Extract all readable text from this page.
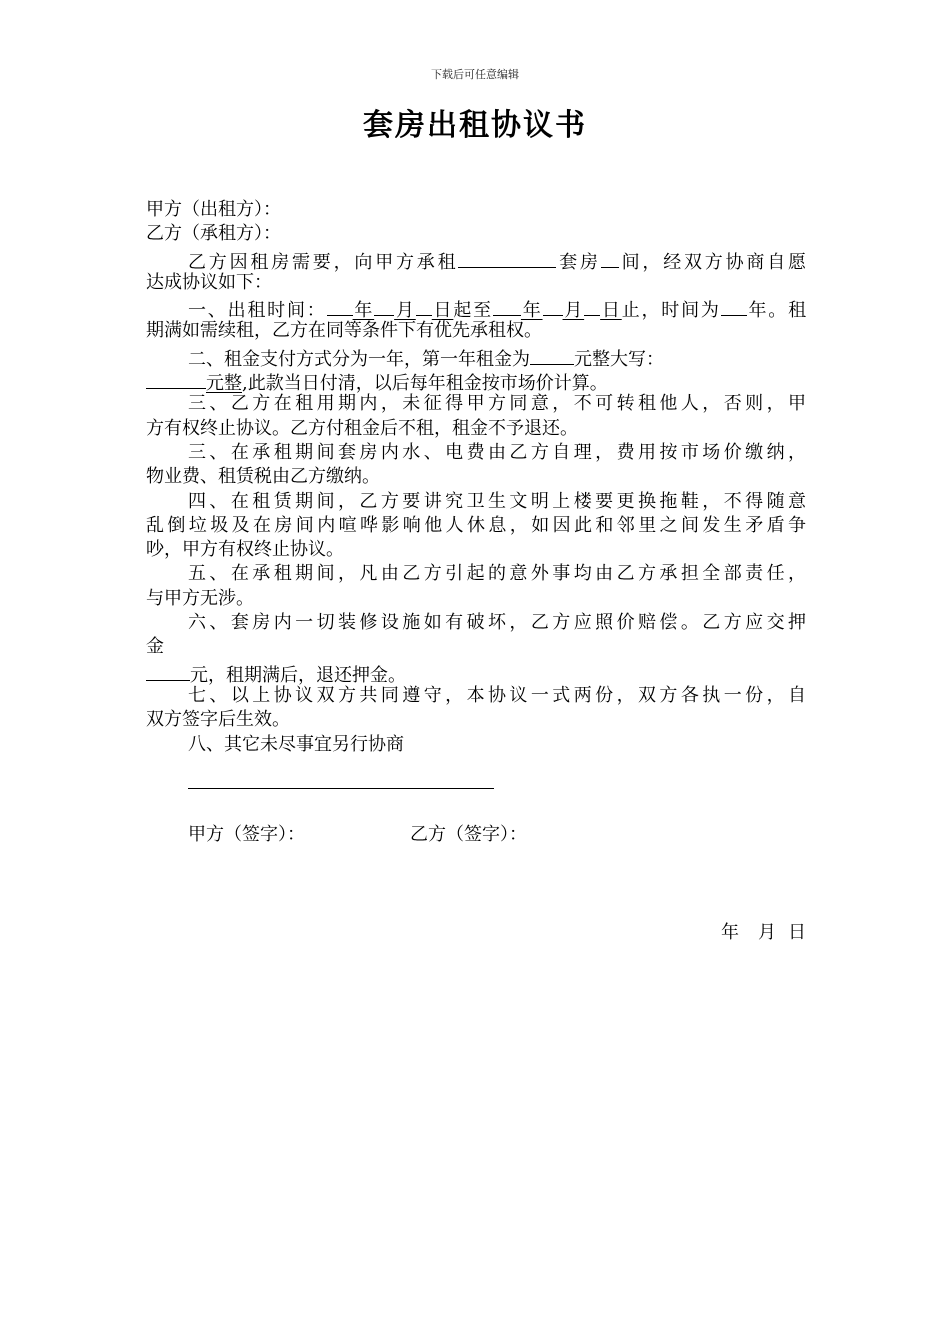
下载后可任意编辑
套房出租协议书
甲方（出租方）：
乙方（承租方）：
乙方因租房需要，向甲方承租	套房 间，经双方协商自愿
达成协议如下：
一、出租时间： 年 月 日起至 年 月 日止，时间为 年。租
期满如需续租，乙方在同等条件下有优先承租权。
二、租金支付方式分为一年，第一年租金为 元整大写：
元整,此款当日付清，以后每年租金按市场价计算。
三、乙方在租用期内，未征得甲方同意，不可转租他人，否则，甲
方有权终止协议。乙方付租金后不租，租金不予退还。
三、在承租期间套房内水、电费由乙方自理，费用按市场价缴纳，
物业费、租赁税由乙方缴纳。
四、在租赁期间，乙方要讲究卫生文明上楼要更换拖鞋，不得随意
乱倒垃圾及在房间内喧哗影响他人休息，如因此和邻里之间发生矛盾争
吵，甲方有权终止协议。
五、在承租期间，凡由乙方引起的意外事均由乙方承担全部责任，
与甲方无涉。
六、套房内一切装修设施如有破坏，乙方应照价赔偿。乙方应交押
金
元，租期满后，退还押金。
七、以上协议双方共同遵守，本协议一式两份，双方各执一份，自
双方签字后生效。
八、其它未尽事宜另行协商
甲方（签字）：	乙方（签字）：
年 月 日
